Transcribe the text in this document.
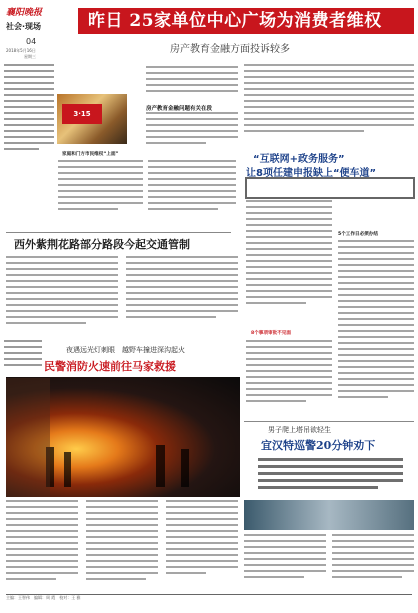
襄阳晚报
社会·现场
04
2018年5月16日
星期三
昨日 25家单位中心广场为消费者维权
房产教育金融方面投诉较多
3·15
家庭和门方市民维权“上面”
房产教育金融问题有关在段
“互联网+政务服务”
让8项任建申报缺上“便车道”
5个工作日必须办结
8个事项审批不见面
西外紫荆花路部分路段今起交通管制
夜遇远光灯刺眼　越野车撞进深沟起火
民警消防火速前往马家救援
男子爬上塔吊欲轻生
宜汉特巡警20分钟劝下
主编：王智伟　编辑：周 霞　校对：王 雅
